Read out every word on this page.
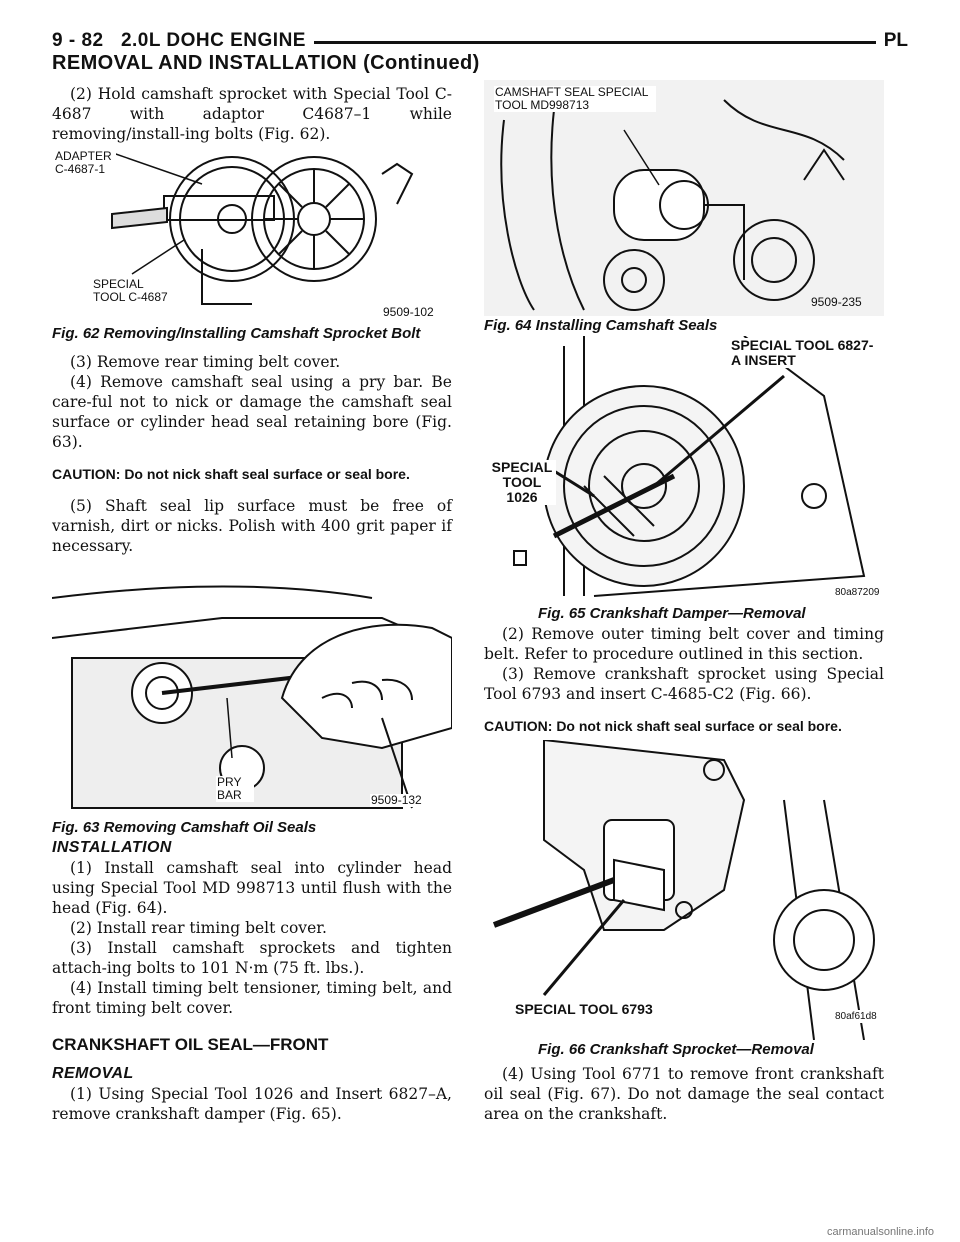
9 - 82 2.0L DOHC ENGINE	PL
REMOVAL AND INSTALLATION (Continued)

(2) Hold camshaft sprocket with Special Tool C-4687 with adaptor C4687–1 while removing/install-ing bolts (Fig. 62).

ADAPTER C-4687-1
SPECIAL TOOL C-4687
9509-102
Fig. 62 Removing/Installing Camshaft Sprocket Bolt

(3) Remove rear timing belt cover.

(4) Remove camshaft seal using a pry bar. Be care-ful not to nick or damage the camshaft seal surface or cylinder head seal retaining bore (Fig. 63).

CAUTION: Do not nick shaft seal surface or seal bore.

(5) Shaft seal lip surface must be free of varnish, dirt or nicks. Polish with 400 grit paper if necessary.

PRY BAR	9509-132
Fig. 63 Removing Camshaft Oil Seals
INSTALLATION

(1) Install camshaft seal into cylinder head using Special Tool MD 998713 until flush with the head (Fig. 64).

(2) Install rear timing belt cover.

(3) Install camshaft sprockets and tighten attach-ing bolts to 101 N·m (75 ft. lbs.).

(4) Install timing belt tensioner, timing belt, and front timing belt cover.

CRANKSHAFT OIL SEAL—FRONT
REMOVAL

(1) Using Special Tool 1026 and Insert 6827–A, remove crankshaft damper (Fig. 65).

CAMSHAFT SEAL SPECIAL TOOL MD998713
9509-235
Fig. 64 Installing Camshaft Seals
SPECIAL TOOL 6827-A INSERT
SPECIAL TOOL 1026
80a87209
Fig. 65 Crankshaft Damper—Removal

(2) Remove outer timing belt cover and timing belt. Refer to procedure outlined in this section.

(3) Remove crankshaft sprocket using Special Tool 6793 and insert C-4685-C2 (Fig. 66).

CAUTION: Do not nick shaft seal surface or seal bore.

SPECIAL TOOL 6793	80af61d8
Fig. 66 Crankshaft Sprocket—Removal

(4) Using Tool 6771 to remove front crankshaft oil seal (Fig. 67). Do not damage the seal contact area on the crankshaft.

carmanualsonline.info
